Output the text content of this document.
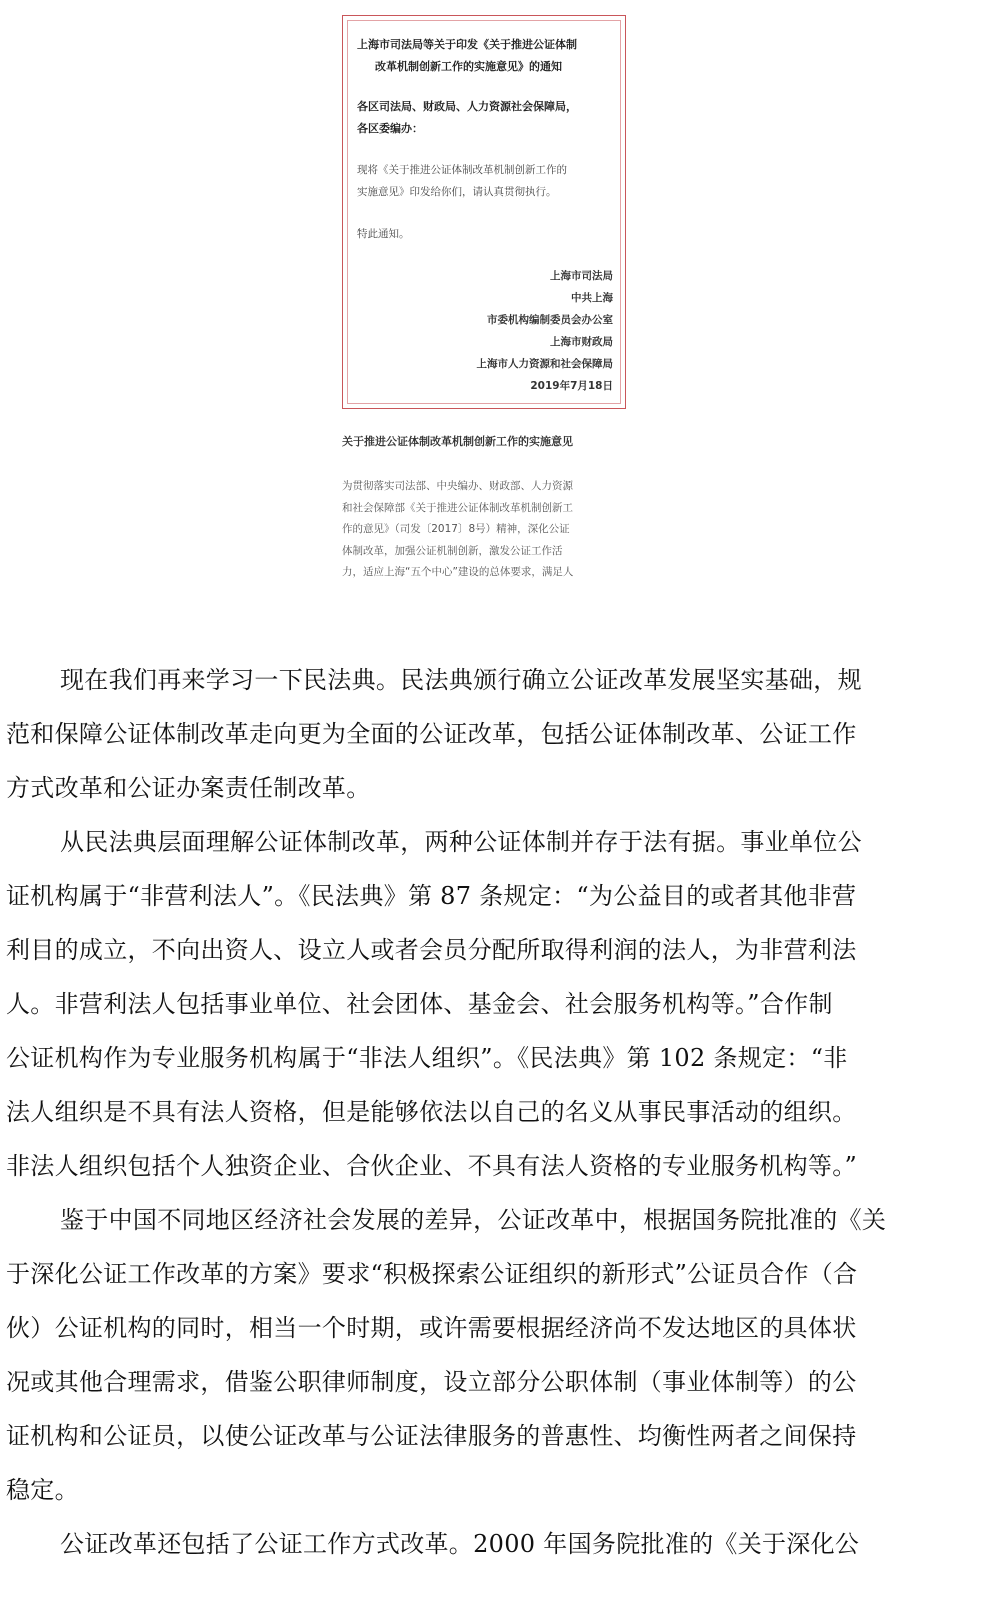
上海市司法局等关于印发《关于推进公证体制
改革机制创新工作的实施意见》的通知
各区司法局、财政局、人力资源社会保障局，
各区委编办：
现将《关于推进公证体制改革机制创新工作的
实施意见》印发给你们，请认真贯彻执行。
特此通知。
上海市司法局
中共上海
市委机构编制委员会办公室
上海市财政局
上海市人力资源和社会保障局
2019年7月18日
关于推进公证体制改革机制创新工作的实施意见
为贯彻落实司法部、中央编办、财政部、人力资源
和社会保障部《关于推进公证体制改革机制创新工
作的意见》（司发〔2017〕8号）精神，深化公证
体制改革，加强公证机制创新，激发公证工作活
力，适应上海“五个中心”建设的总体要求，满足人

现在我们再来学习一下民法典。民法典颁行确立公证改革发展坚实基础，规
范和保障公证体制改革走向更为全面的公证改革，包括公证体制改革、公证工作
方式改革和公证办案责任制改革。

从民法典层面理解公证体制改革，两种公证体制并存于法有据。事业单位公
证机构属于“非营利法人”。《民法典》第 87 条规定：“为公益目的或者其他非营
利目的成立，不向出资人、设立人或者会员分配所取得利润的法人，为非营利法
人。非营利法人包括事业单位、社会团体、基金会、社会服务机构等。”合作制
公证机构作为专业服务机构属于“非法人组织”。《民法典》第 102 条规定：“非
法人组织是不具有法人资格，但是能够依法以自己的名义从事民事活动的组织。
非法人组织包括个人独资企业、合伙企业、不具有法人资格的专业服务机构等。”

鉴于中国不同地区经济社会发展的差异，公证改革中，根据国务院批准的《关
于深化公证工作改革的方案》要求“积极探索公证组织的新形式”公证员合作（合
伙）公证机构的同时，相当一个时期，或许需要根据经济尚不发达地区的具体状
况或其他合理需求，借鉴公职律师制度，设立部分公职体制（事业体制等）的公
证机构和公证员，以使公证改革与公证法律服务的普惠性、均衡性两者之间保持
稳定。

公证改革还包括了公证工作方式改革。2000 年国务院批准的《关于深化公
